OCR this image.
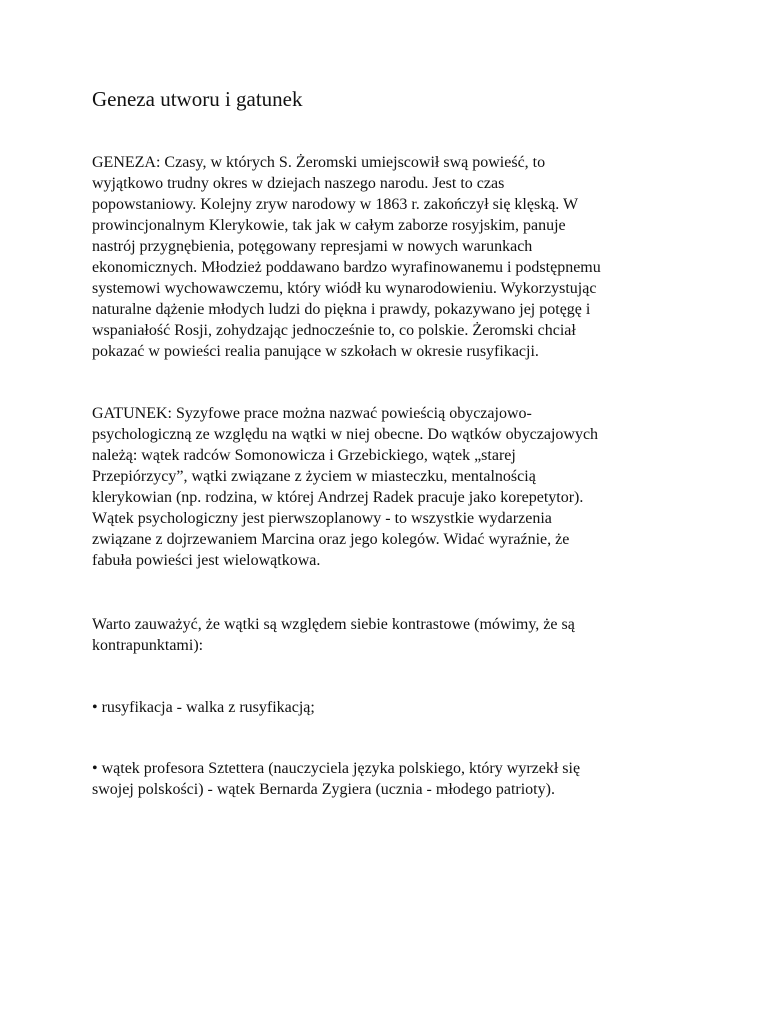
Geneza utworu i gatunek
GENEZA: Czasy, w których S. Żeromski umiejscowił swą powieść, to
wyjątkowo trudny okres w dziejach naszego narodu. Jest to czas
popowstaniowy. Kolejny zryw narodowy w 1863 r. zakończył się klęską. W
prowincjonalnym Klerykowie, tak jak w całym zaborze rosyjskim, panuje
nastrój przygnębienia, potęgowany represjami w nowych warunkach
ekonomicznych. Młodzież poddawano bardzo wyrafinowanemu i podstępnemu
systemowi wychowawczemu, który wiódł ku wynarodowieniu. Wykorzystując
naturalne dążenie młodych ludzi do piękna i prawdy, pokazywano jej potęgę i
wspaniałość Rosji, zohydzając jednocześnie to, co polskie. Żeromski chciał
pokazać w powieści realia panujące w szkołach w okresie rusyfikacji.
GATUNEK: Syzyfowe prace można nazwać powieścią obyczajowo-
psychologiczną ze względu na wątki w niej obecne. Do wątków obyczajowych
należą: wątek radców Somonowicza i Grzebickiego, wątek „starej
Przepiórzycy”, wątki związane z życiem w miasteczku, mentalnością
klerykowian (np. rodzina, w której Andrzej Radek pracuje jako korepetytor).
Wątek psychologiczny jest pierwszoplanowy - to wszystkie wydarzenia
związane z dojrzewaniem Marcina oraz jego kolegów. Widać wyraźnie, że
fabuła powieści jest wielowątkowa.
Warto zauważyć, że wątki są względem siebie kontrastowe (mówimy, że są
kontrapunktami):
• rusyfikacja - walka z rusyfikacją;
• wątek profesora Sztettera (nauczyciela języka polskiego, który wyrzekł się
swojej polskości) - wątek Bernarda Zygiera (ucznia - młodego patrioty).
